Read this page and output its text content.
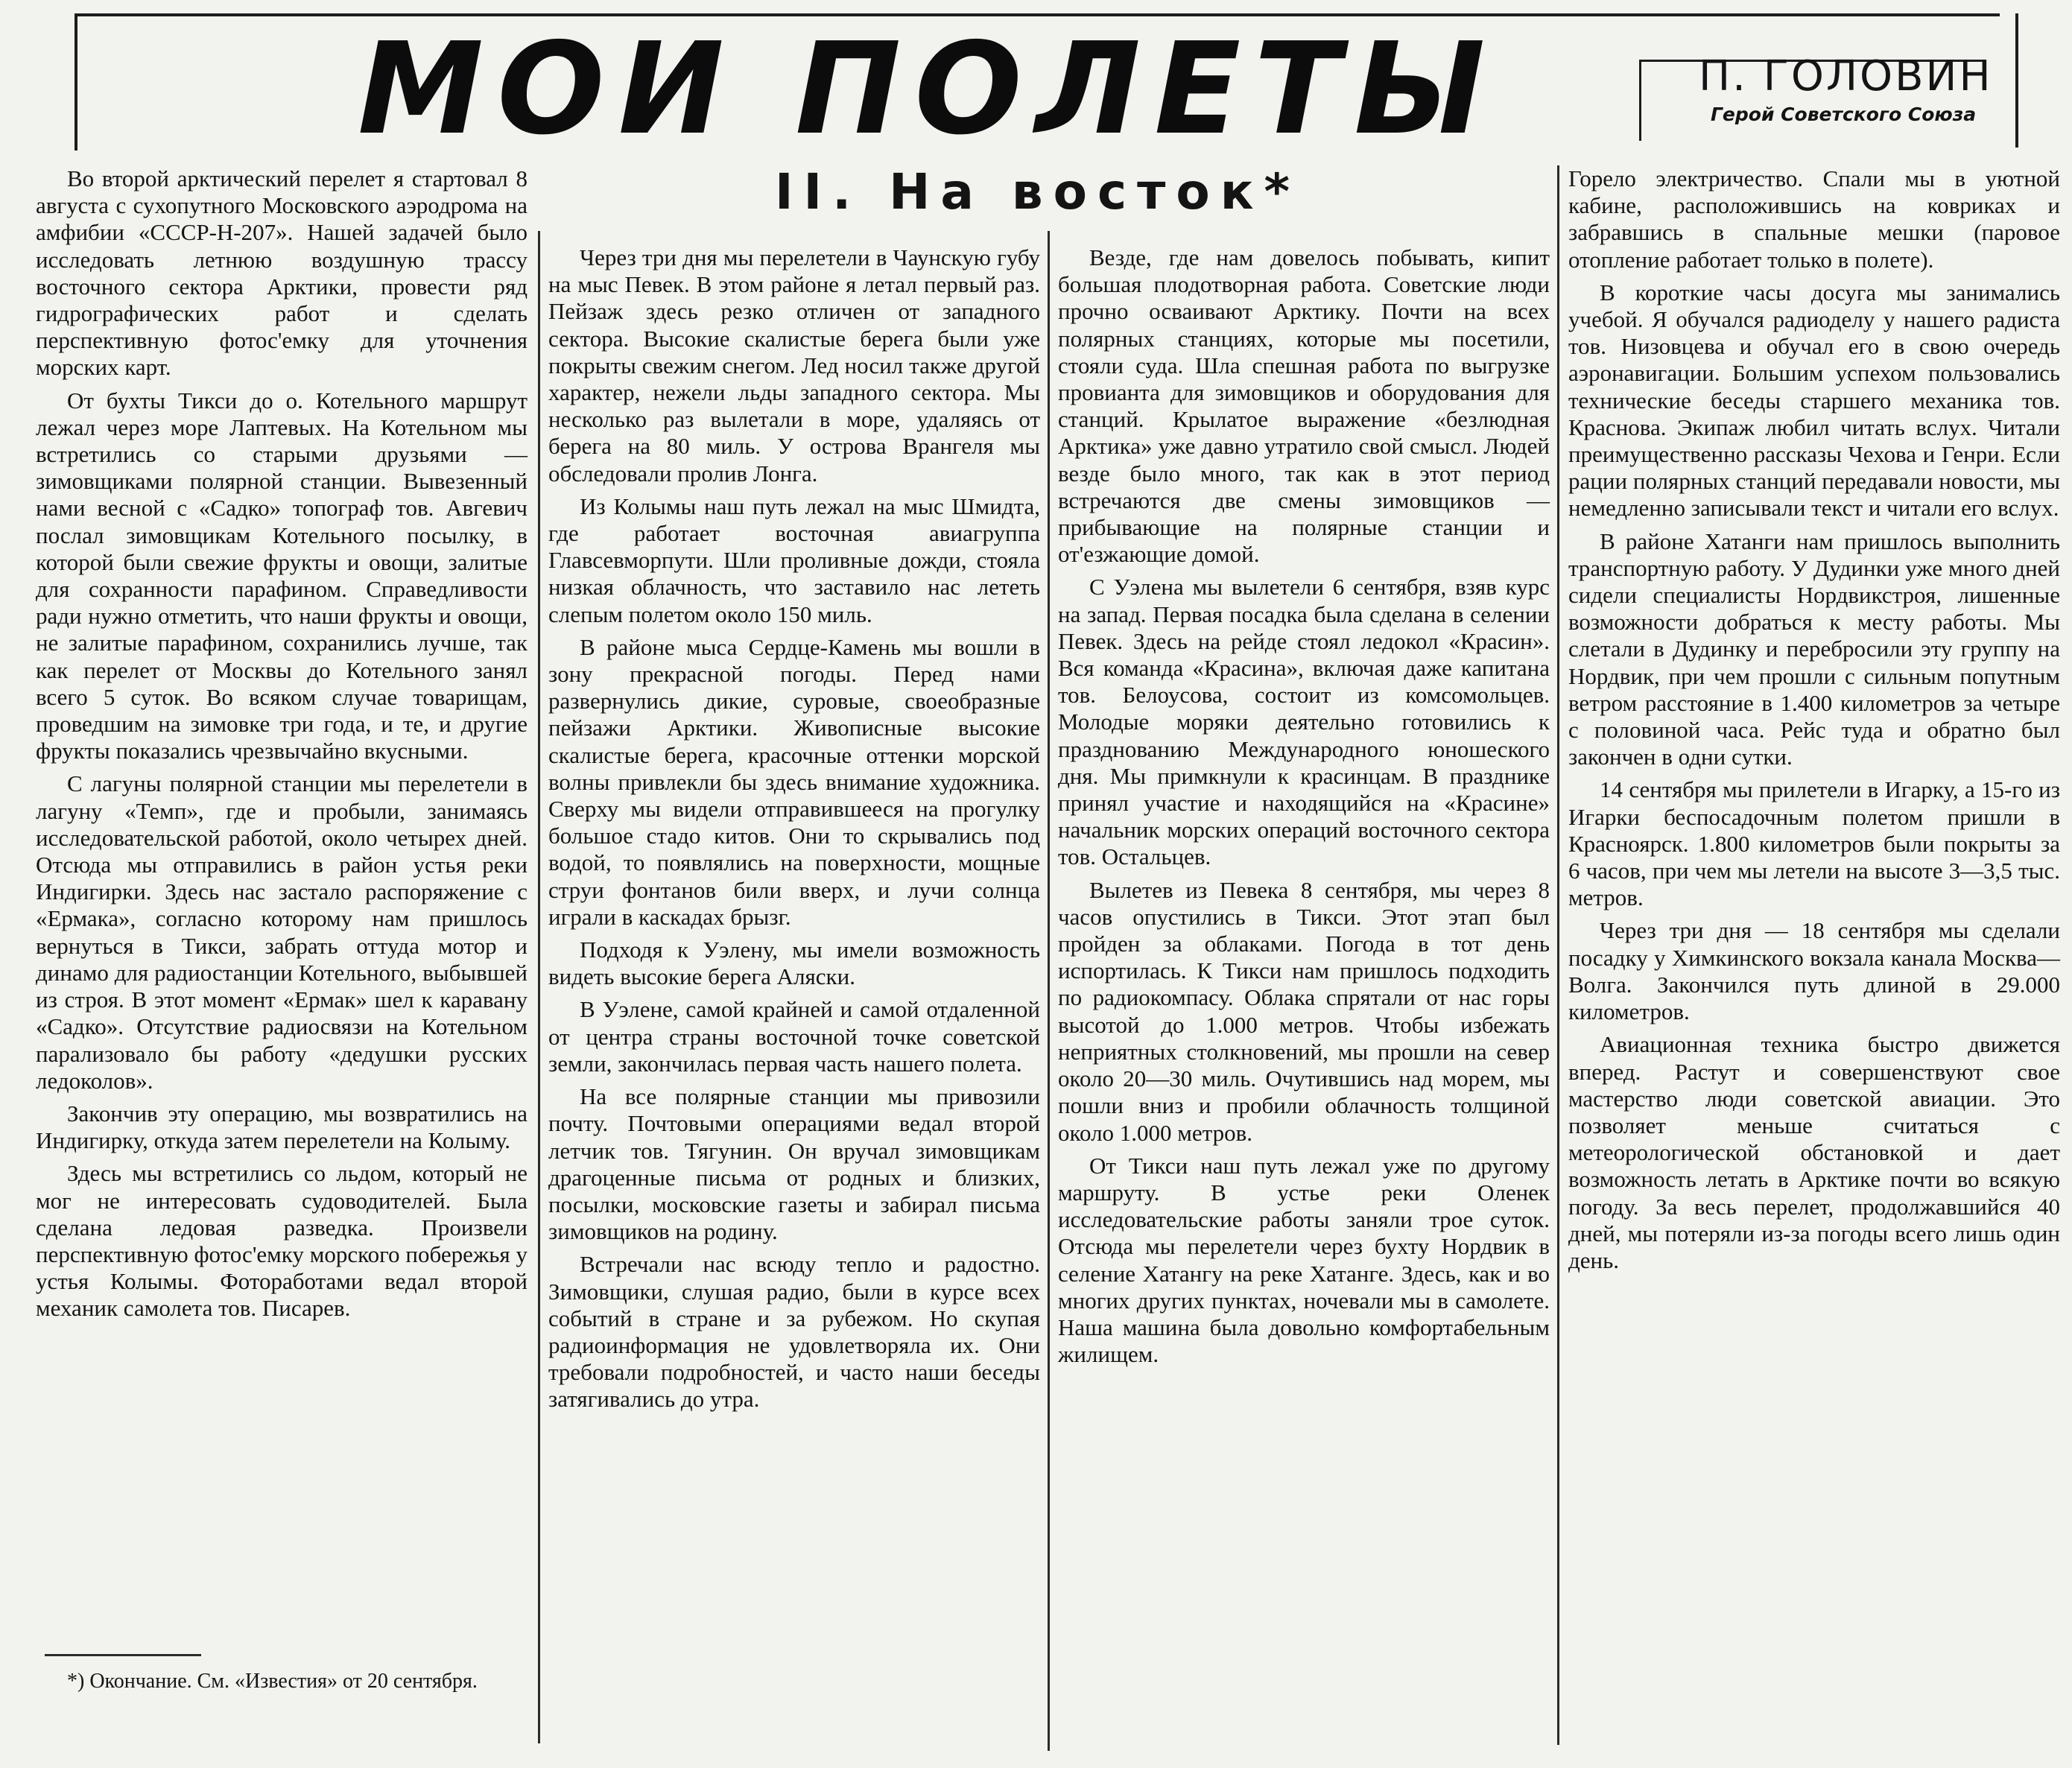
МОИ ПОЛЕТЫ	П. ГОЛОВИН
Герой Советского Союза
II. На восток*

Во второй арктический перелет я стартовал 8 августа с сухопутного Московского аэродрома на амфибии «СССР-Н-207». Нашей задачей было исследовать летнюю воздушную трассу восточного сектора Арктики, провести ряд гидрографических работ и сделать перспективную фотос'емку для уточнения морских карт.

От бухты Тикси до о. Котельного маршрут лежал через море Лаптевых. На Котельном мы встретились со старыми друзьями — зимовщиками полярной станции. Вывезенный нами весной с «Садко» топограф тов. Авгевич послал зимовщикам Котельного посылку, в которой были свежие фрукты и овощи, залитые для сохранности парафином. Справедливости ради нужно отметить, что наши фрукты и овощи, не залитые парафином, сохранились лучше, так как перелет от Москвы до Котельного занял всего 5 суток. Во всяком случае товарищам, проведшим на зимовке три года, и те, и другие фрукты показались чрезвычайно вкусными.

С лагуны полярной станции мы перелетели в лагуну «Темп», где и пробыли, занимаясь исследовательской работой, около четырех дней. Отсюда мы отправились в район устья реки Индигирки. Здесь нас застало распоряжение с «Ермака», согласно которому нам пришлось вернуться в Тикси, забрать оттуда мотор и динамо для радиостанции Котельного, выбывшей из строя. В этот момент «Ермак» шел к каравану «Садко». Отсутствие радиосвязи на Котельном парализовало бы работу «дедушки русских ледоколов».

Закончив эту операцию, мы возвратились на Индигирку, откуда затем перелетели на Колыму.

Здесь мы встретились со льдом, который не мог не интересовать судоводителей. Была сделана ледовая разведка. Произвели перспективную фотос'емку морского побережья у устья Колымы. Фотоработами ведал второй механик самолета тов. Писарев.

*) Окончание. См. «Известия» от 20 сентября.

Через три дня мы перелетели в Чаунскую губу на мыс Певек. В этом районе я летал первый раз. Пейзаж здесь резко отличен от западного сектора. Высокие скалистые берега были уже покрыты свежим снегом. Лед носил также другой характер, нежели льды западного сектора. Мы несколько раз вылетали в море, удаляясь от берега на 80 миль. У острова Врангеля мы обследовали пролив Лонга.

Из Колымы наш путь лежал на мыс Шмидта, где работает восточная авиагруппа Главсевморпути. Шли проливные дожди, стояла низкая облачность, что заставило нас лететь слепым полетом около 150 миль.

В районе мыса Сердце-Камень мы вошли в зону прекрасной погоды. Перед нами развернулись дикие, суровые, своеобразные пейзажи Арктики. Живописные высокие скалистые берега, красочные оттенки морской волны привлекли бы здесь внимание художника. Сверху мы видели отправившееся на прогулку большое стадо китов. Они то скрывались под водой, то появлялись на поверхности, мощные струи фонтанов били вверх, и лучи солнца играли в каскадах брызг.

Подходя к Уэлену, мы имели возможность видеть высокие берега Аляски.

В Уэлене, самой крайней и самой отдаленной от центра страны восточной точке советской земли, закончилась первая часть нашего полета.

На все полярные станции мы привозили почту. Почтовыми операциями ведал второй летчик тов. Тягунин. Он вручал зимовщикам драгоценные письма от родных и близких, посылки, московские газеты и забирал письма зимовщиков на родину.

Встречали нас всюду тепло и радостно. Зимовщики, слушая радио, были в курсе всех событий в стране и за рубежом. Но скупая радиоинформация не удовлетворяла их. Они требовали подробностей, и часто наши беседы затягивались до утра.

Везде, где нам довелось побывать, кипит большая плодотворная работа. Советские люди прочно осваивают Арктику. Почти на всех полярных станциях, которые мы посетили, стояли суда. Шла спешная работа по выгрузке провианта для зимовщиков и оборудования для станций. Крылатое выражение «безлюдная Арктика» уже давно утратило свой смысл. Людей везде было много, так как в этот период встречаются две смены зимовщиков — прибывающие на полярные станции и от'езжающие домой.

С Уэлена мы вылетели 6 сентября, взяв курс на запад. Первая посадка была сделана в селении Певек. Здесь на рейде стоял ледокол «Красин». Вся команда «Красина», включая даже капитана тов. Белоусова, состоит из комсомольцев. Молодые моряки деятельно готовились к празднованию Международного юношеского дня. Мы примкнули к красинцам. В празднике принял участие и находящийся на «Красине» начальник морских операций восточного сектора тов. Остальцев.

Вылетев из Певека 8 сентября, мы через 8 часов опустились в Тикси. Этот этап был пройден за облаками. Погода в тот день испортилась. К Тикси нам пришлось подходить по радиокомпасу. Облака спрятали от нас горы высотой до 1.000 метров. Чтобы избежать неприятных столкновений, мы прошли на север около 20—30 миль. Очутившись над морем, мы пошли вниз и пробили облачность толщиной около 1.000 метров.

От Тикси наш путь лежал уже по другому маршруту. В устье реки Оленек исследовательские работы заняли трое суток. Отсюда мы перелетели через бухту Нордвик в селение Хатангу на реке Хатанге. Здесь, как и во многих других пунктах, ночевали мы в самолете. Наша машина была довольно комфортабельным жилищем.

Горело электричество. Спали мы в уютной кабине, расположившись на ковриках и забравшись в спальные мешки (паровое отопление работает только в полете).

В короткие часы досуга мы занимались учебой. Я обучался радиоделу у нашего радиста тов. Низовцева и обучал его в свою очередь аэронавигации. Большим успехом пользовались технические беседы старшего механика тов. Краснова. Экипаж любил читать вслух. Читали преимущественно рассказы Чехова и Генри. Если рации полярных станций передавали новости, мы немедленно записывали текст и читали его вслух.

В районе Хатанги нам пришлось выполнить транспортную работу. У Дудинки уже много дней сидели специалисты Нордвикстроя, лишенные возможности добраться к месту работы. Мы слетали в Дудинку и перебросили эту группу на Нордвик, при чем прошли с сильным попутным ветром расстояние в 1.400 километров за четыре с половиной часа. Рейс туда и обратно был закончен в одни сутки.

14 сентября мы прилетели в Игарку, а 15-го из Игарки беспосадочным полетом пришли в Красноярск. 1.800 километров были покрыты за 6 часов, при чем мы летели на высоте 3—3,5 тыс. метров.

Через три дня — 18 сентября мы сделали посадку у Химкинского вокзала канала Москва—Волга. Закончился путь длиной в 29.000 километров.

Авиационная техника быстро движется вперед. Растут и совершенствуют свое мастерство люди советской авиации. Это позволяет меньше считаться с метеорологической обстановкой и дает возможность летать в Арктике почти во всякую погоду. За весь перелет, продолжавшийся 40 дней, мы потеряли из-за погоды всего лишь один день.
